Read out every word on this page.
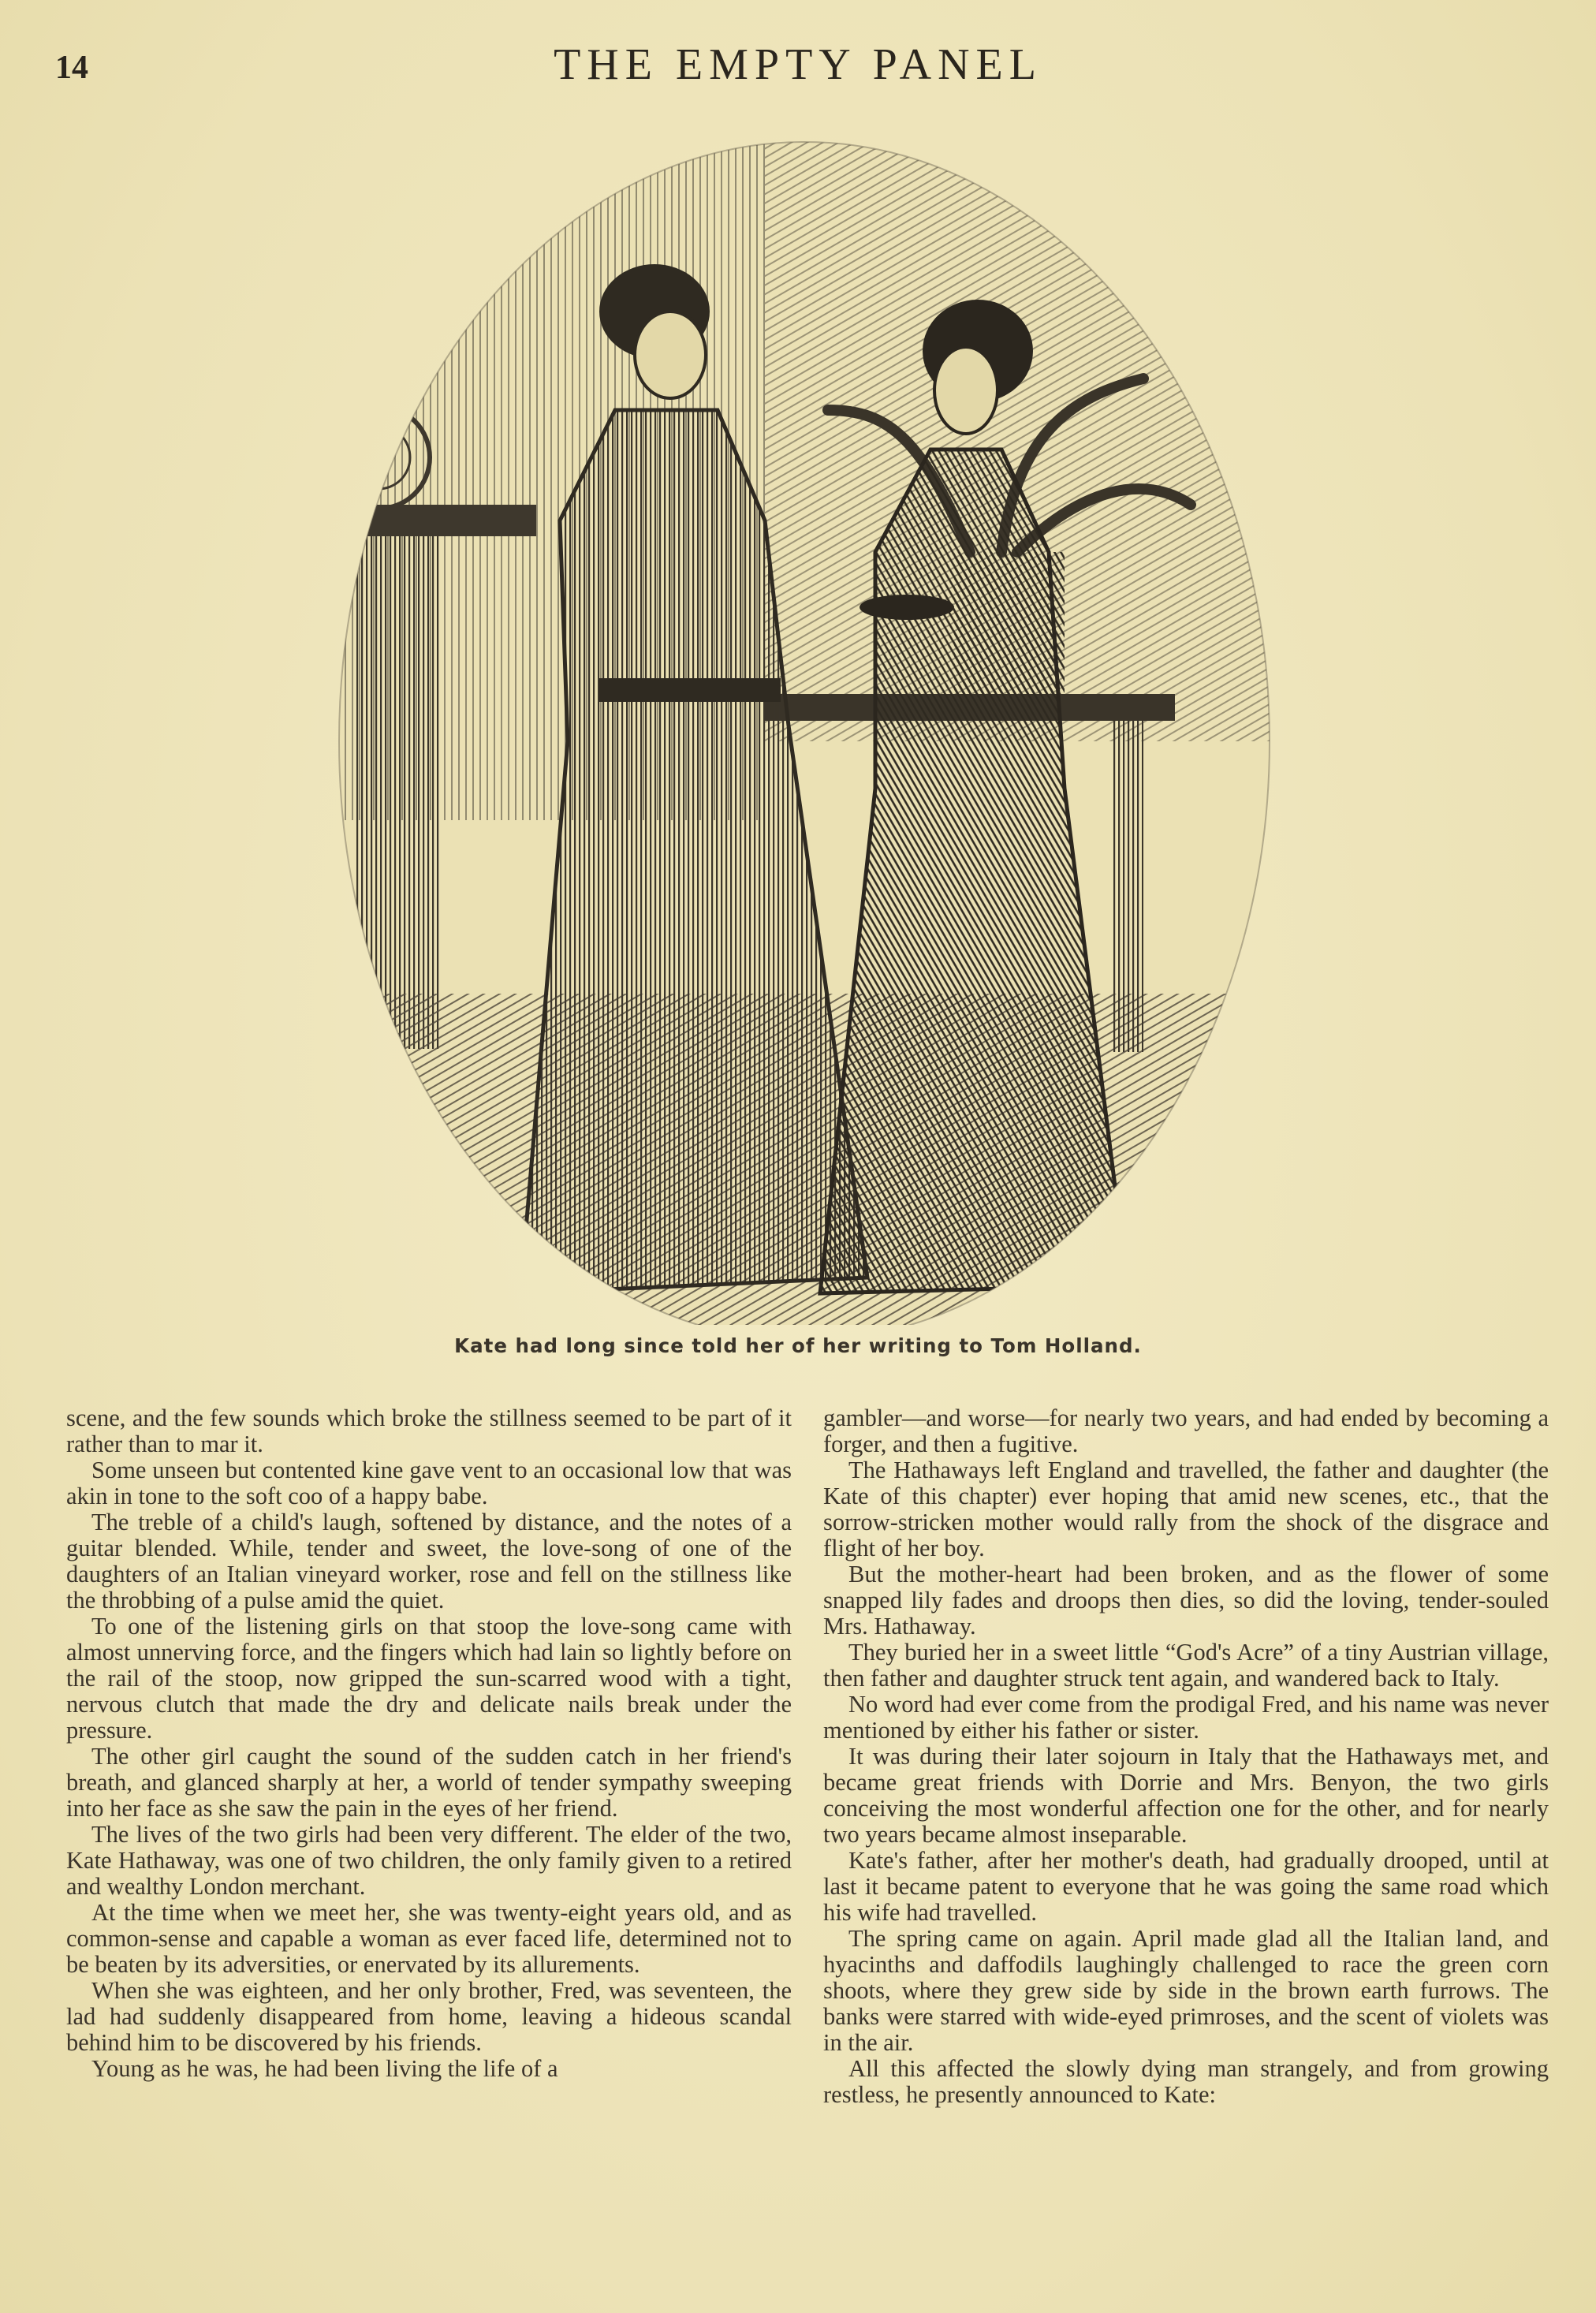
14	THE EMPTY PANEL
Kate had long since told her of her writing to Tom Holland.

scene, and the few sounds which broke the stillness seemed to be part of it rather than to mar it.

Some unseen but contented kine gave vent to an occasional low that was akin in tone to the soft coo of a happy babe.

The treble of a child's laugh, softened by distance, and the notes of a guitar blended. While, tender and sweet, the love-song of one of the daughters of an Italian vineyard worker, rose and fell on the stillness like the throbbing of a pulse amid the quiet.

To one of the listening girls on that stoop the love-song came with almost unnerving force, and the fingers which had lain so lightly before on the rail of the stoop, now gripped the sun-scarred wood with a tight, nervous clutch that made the dry and delicate nails break under the pressure.

The other girl caught the sound of the sudden catch in her friend's breath, and glanced sharply at her, a world of tender sympathy sweeping into her face as she saw the pain in the eyes of her friend.

The lives of the two girls had been very different. The elder of the two, Kate Hathaway, was one of two children, the only family given to a retired and wealthy London merchant.

At the time when we meet her, she was twenty-eight years old, and as common-sense and capable a woman as ever faced life, determined not to be beaten by its adversities, or enervated by its allurements.

When she was eighteen, and her only brother, Fred, was seventeen, the lad had suddenly disappeared from home, leaving a hideous scandal behind him to be discovered by his friends.

Young as he was, he had been living the life of a

gambler—and worse—for nearly two years, and had ended by becoming a forger, and then a fugitive.

The Hathaways left England and travelled, the father and daughter (the Kate of this chapter) ever hoping that amid new scenes, etc., that the sorrow-stricken mother would rally from the shock of the disgrace and flight of her boy.

But the mother-heart had been broken, and as the flower of some snapped lily fades and droops then dies, so did the loving, tender-souled Mrs. Hathaway.

They buried her in a sweet little “God's Acre” of a tiny Austrian village, then father and daughter struck tent again, and wandered back to Italy.

No word had ever come from the prodigal Fred, and his name was never mentioned by either his father or sister.

It was during their later sojourn in Italy that the Hathaways met, and became great friends with Dorrie and Mrs. Benyon, the two girls conceiving the most wonderful affection one for the other, and for nearly two years became almost inseparable.

Kate's father, after her mother's death, had gradually drooped, until at last it became patent to everyone that he was going the same road which his wife had travelled.

The spring came on again. April made glad all the Italian land, and hyacinths and daffodils laughingly challenged to race the green corn shoots, where they grew side by side in the brown earth furrows. The banks were starred with wide-eyed primroses, and the scent of violets was in the air.

All this affected the slowly dying man strangely, and from growing restless, he presently announced to Kate:
